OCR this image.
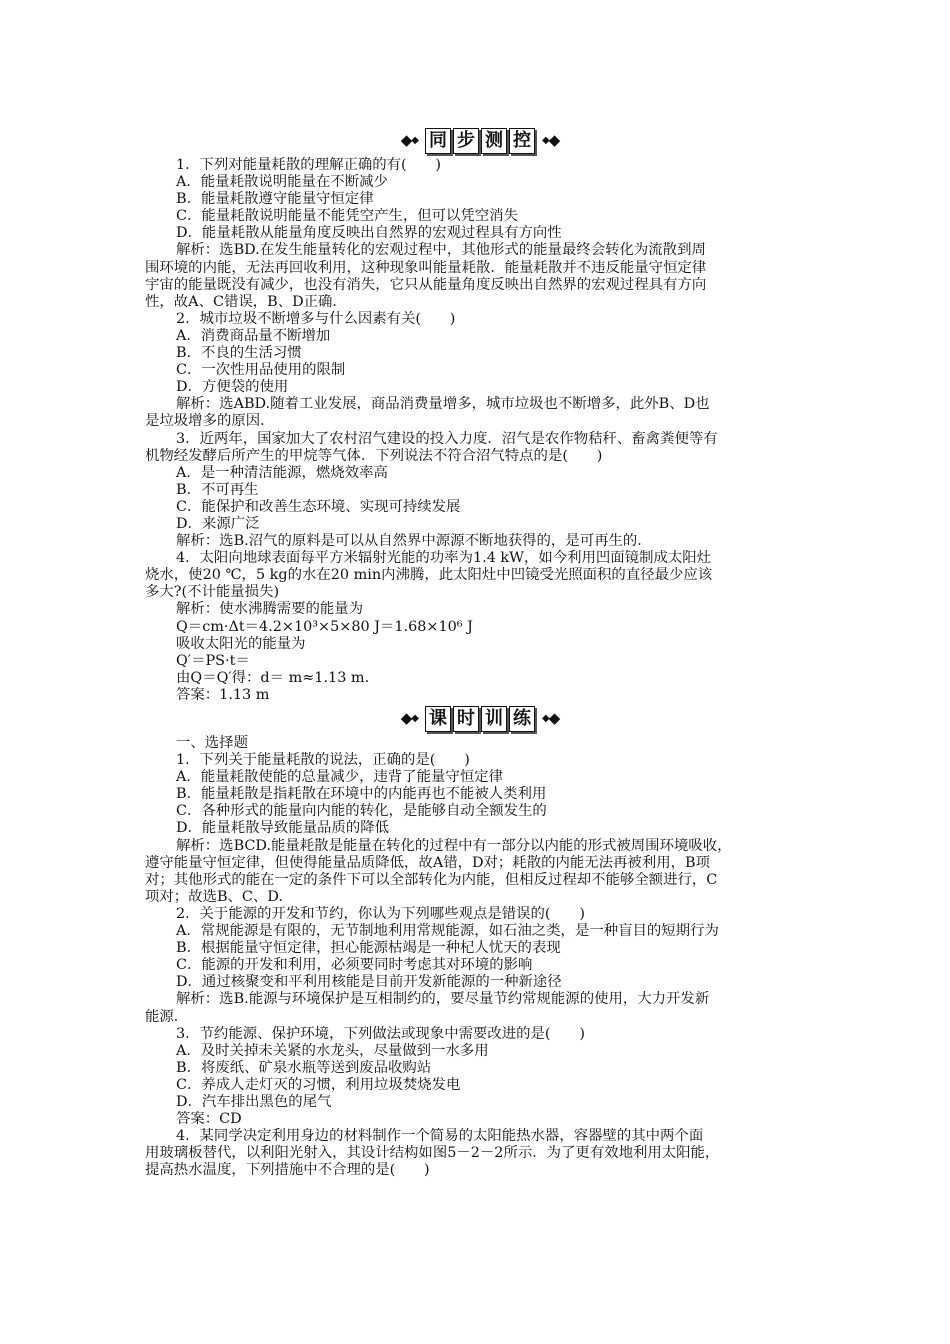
◆ ◆ 同 步 测 控	◆ ◆
1．下列对能量耗散的理解正确的有(　　)
A．能量耗散说明能量在不断减少
B．能量耗散遵守能量守恒定律
C．能量耗散说明能量不能凭空产生，但可以凭空消失
D．能量耗散从能量角度反映出自然界的宏观过程具有方向性
解析：选BD.在发生能量转化的宏观过程中，其他形式的能量最终会转化为流散到周
围环境的内能，无法再回收利用，这种现象叫能量耗散．能量耗散并不违反能量守恒定律
宇宙的能量既没有减少，也没有消失，它只从能量角度反映出自然界的宏观过程具有方向
性，故A、C错误，B、D正确．
2．城市垃圾不断增多与什么因素有关(　　)
A．消费商品量不断增加
B．不良的生活习惯
C．一次性用品使用的限制
D．方便袋的使用
解析：选ABD.随着工业发展，商品消费量增多，城市垃圾也不断增多，此外B、D也
是垃圾增多的原因．
3．近两年，国家加大了农村沼气建设的投入力度．沼气是农作物秸秆、畜禽粪便等有
机物经发酵后所产生的甲烷等气体．下列说法不符合沼气特点的是(　　)
A．是一种清洁能源，燃烧效率高
B．不可再生
C．能保护和改善生态环境、实现可持续发展
D．来源广泛
解析：选B.沼气的原料是可以从自然界中源源不断地获得的，是可再生的．
4．太阳向地球表面每平方米辐射光能的功率为1.4 kW，如今利用凹面镜制成太阳灶
烧水，使20 ℃，5 kg的水在20 min内沸腾，此太阳灶中凹镜受光照面积的直径最少应该
多大?(不计能量损失)
解析：使水沸腾需要的能量为
Q＝cm·Δt＝4.2×10³×5×80 J＝1.68×10⁶ J
吸收太阳光的能量为
Q′＝PS·t＝
由Q＝Q′得：d＝ m≈1.13 m.
答案：1.13 m
◆ ◆ 课 时 训 练	◆ ◆
一、选择题
1．下列关于能量耗散的说法，正确的是(　　)
A．能量耗散使能的总量减少，违背了能量守恒定律
B．能量耗散是指耗散在环境中的内能再也不能被人类利用
C．各种形式的能量向内能的转化，是能够自动全额发生的
D．能量耗散导致能量品质的降低
解析：选BCD.能量耗散是能量在转化的过程中有一部分以内能的形式被周围环境吸收，
遵守能量守恒定律，但使得能量品质降低，故A错，D对；耗散的内能无法再被利用，B项
对；其他形式的能在一定的条件下可以全部转化为内能，但相反过程却不能够全额进行，C
项对；故选B、C、D.
2．关于能源的开发和节约，你认为下列哪些观点是错误的(　　)
A．常规能源是有限的，无节制地利用常规能源，如石油之类，是一种盲目的短期行为
B．根据能量守恒定律，担心能源枯竭是一种杞人忧天的表现
C．能源的开发和利用，必须要同时考虑其对环境的影响
D．通过核聚变和平利用核能是目前开发新能源的一种新途径
解析：选B.能源与环境保护是互相制约的，要尽量节约常规能源的使用，大力开发新
能源．
3．节约能源、保护环境，下列做法或现象中需要改进的是(　　)
A．及时关掉未关紧的水龙头，尽量做到一水多用
B．将废纸、矿泉水瓶等送到废品收购站
C．养成人走灯灭的习惯，利用垃圾焚烧发电
D．汽车排出黑色的尾气
答案：CD
4．某同学决定利用身边的材料制作一个简易的太阳能热水器，容器壁的其中两个面
用玻璃板替代，以利阳光射入，其设计结构如图5－2－2所示．为了更有效地利用太阳能，
提高热水温度，下列措施中不合理的是(　　)
